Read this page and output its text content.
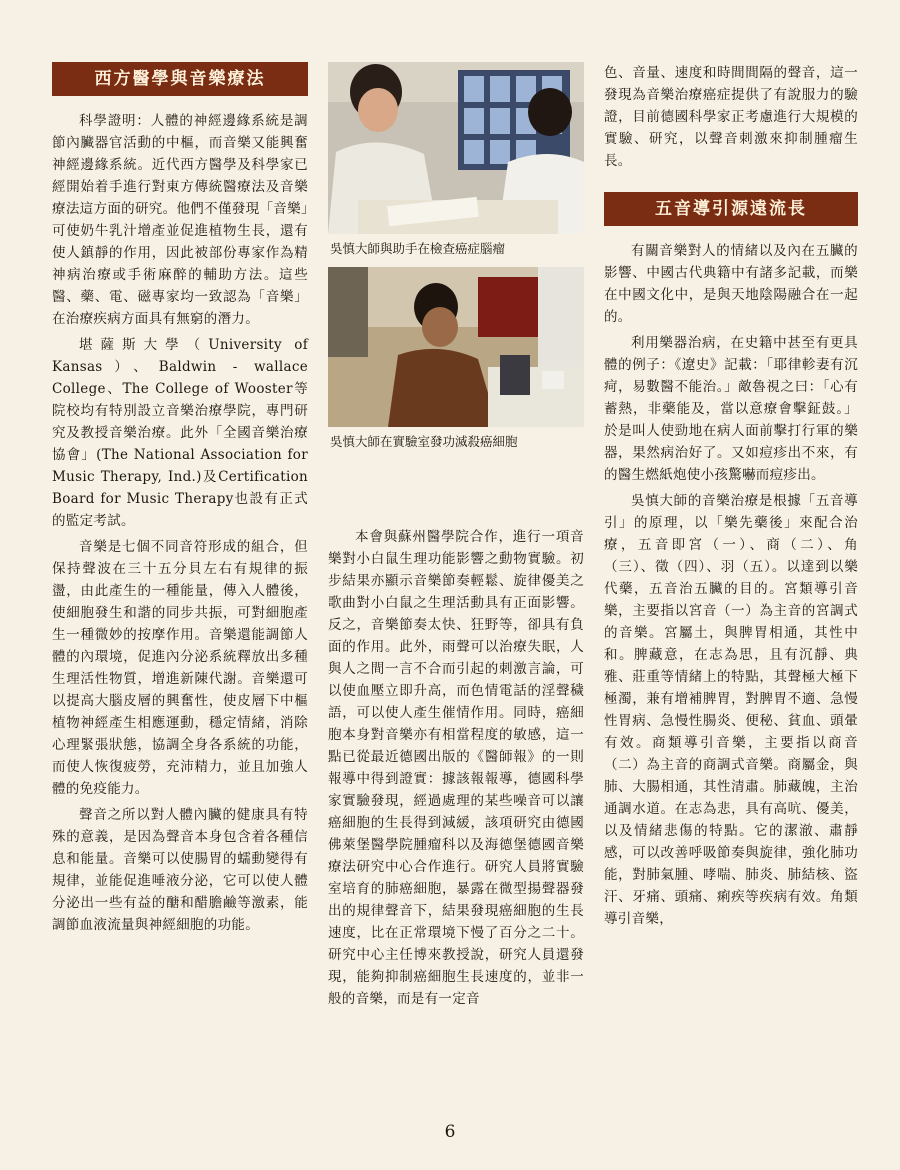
西方醫學與音樂療法

科學證明：人體的神經邊緣系統是調節內臟器官活動的中樞，而音樂又能興奮神經邊緣系統。近代西方醫學及科學家已經開始着手進行對東方傳統醫療法及音樂療法這方面的研究。他們不僅發現「音樂」可使奶牛乳汁增產並促進植物生長，還有使人鎮靜的作用，因此被部份專家作為精神病治療或手術麻醉的輔助方法。這些醫、藥、電、磁專家均一致認為「音樂」在治療疾病方面具有無窮的潛力。

堪薩斯大學（University of Kansas）、Baldwin - wallace College、The College of Wooster等院校均有特別設立音樂治療學院，專門研究及教授音樂治療。此外「全國音樂治療協會」(The National Association for Music Therapy, Ind.)及Certification Board for Music Therapy也設有正式的監定考試。

音樂是七個不同音符形成的組合，但保持聲波在三十五分貝左右有規律的振盪，由此產生的一種能量，傳入人體後，使細胞發生和諧的同步共振，可對細胞產生一種微妙的按摩作用。音樂還能調節人體的內環境，促進內分泌系統釋放出多種生理活性物質，增進新陳代謝。音樂還可以提高大腦皮層的興奮性，使皮層下中樞植物神經產生相應運動，穩定情緒，消除心理緊張狀態，協調全身各系統的功能，而使人恢復疲勞，充沛精力，並且加強人體的免疫能力。

聲音之所以對人體內臟的健康具有特殊的意義，是因為聲音本身包含着各種信息和能量。音樂可以使腸胃的蠕動變得有規律，並能促進唾液分泌，它可以使人體分泌出一些有益的醣和醋膽鹼等激素，能調節血液流量與神經細胞的功能。

吳慎大師與助手在檢查癌症腦瘤
吳慎大師在實驗室發功滅殺癌細胞

本會與蘇州醫學院合作，進行一項音樂對小白鼠生理功能影響之動物實驗。初步結果亦顯示音樂節奏輕鬆、旋律優美之歌曲對小白鼠之生理活動具有正面影響。反之，音樂節奏太快、狂野等，卻具有負面的作用。此外，雨聲可以治療失眠，人與人之間一言不合而引起的刺激言論，可以使血壓立即升高，而色情電話的淫聲穢語，可以使人產生催情作用。同時，癌細胞本身對音樂亦有相當程度的敏感，這一點已從最近德國出版的《醫師報》的一則報導中得到證實：據該報報導，德國科學家實驗發現，經過處理的某些噪音可以讓癌細胞的生長得到減緩，該項研究由德國佛萊堡醫學院腫瘤科以及海德堡德國音樂療法研究中心合作進行。研究人員將實驗室培育的肺癌細胞，暴露在微型揚聲器發出的規律聲音下，結果發現癌細胞的生長速度，比在正常環境下慢了百分之二十。研究中心主任博來教授說，研究人員還發現，能夠抑制癌細胞生長速度的，並非一般的音樂，而是有一定音

色、音量、速度和時間間隔的聲音，這一發現為音樂治療癌症提供了有說服力的驗證，目前德國科學家正考慮進行大規模的實驗、研究，以聲音刺激來抑制腫瘤生長。

五音導引源遠流長

有關音樂對人的情緒以及內在五臟的影響、中國古代典籍中有諸多記載，而樂在中國文化中，是與天地陰陽融合在一起的。

利用樂器治病，在史籍中甚至有更具體的例子：《遼史》記載：「耶律軫妻有沉疴，易數醫不能治。」敵魯視之曰：「心有蓄熱，非藥能及，當以意療會擊鉦鼓。」於是叫人使勁地在病人面前擊打行軍的樂器，果然病治好了。又如痘疹出不來，有的醫生燃紙炮使小孩驚嚇而痘疹出。

吳慎大師的音樂治療是根據「五音導引」的原理，以「樂先藥後」來配合治療，五音即宮（一）、商（二）、角（三）、徵（四）、羽（五）。以達到以樂代藥，五音治五臟的目的。宮類導引音樂，主要指以宮音（一）為主音的宮調式的音樂。宮屬土，與脾胃相通，其性中和。脾藏意，在志為思，且有沉靜、典雅、莊重等情緒上的特點，其聲極大極下極濁，兼有增補脾胃，對脾胃不適、急慢性胃病、急慢性腸炎、便秘、貧血、頭暈有效。商類導引音樂，主要指以商音（二）為主音的商調式音樂。商屬金，與肺、大腸相通，其性清肅。肺藏魄，主治通調水道。在志為悲，具有高吭、優美，以及情緒悲傷的特點。它的潔澈、肅靜感，可以改善呼吸節奏與旋律，強化肺功能，對肺氣腫、哮喘、肺炎、肺結核、盜汗、牙痛、頭痛、痢疾等疾病有效。角類導引音樂，

6
